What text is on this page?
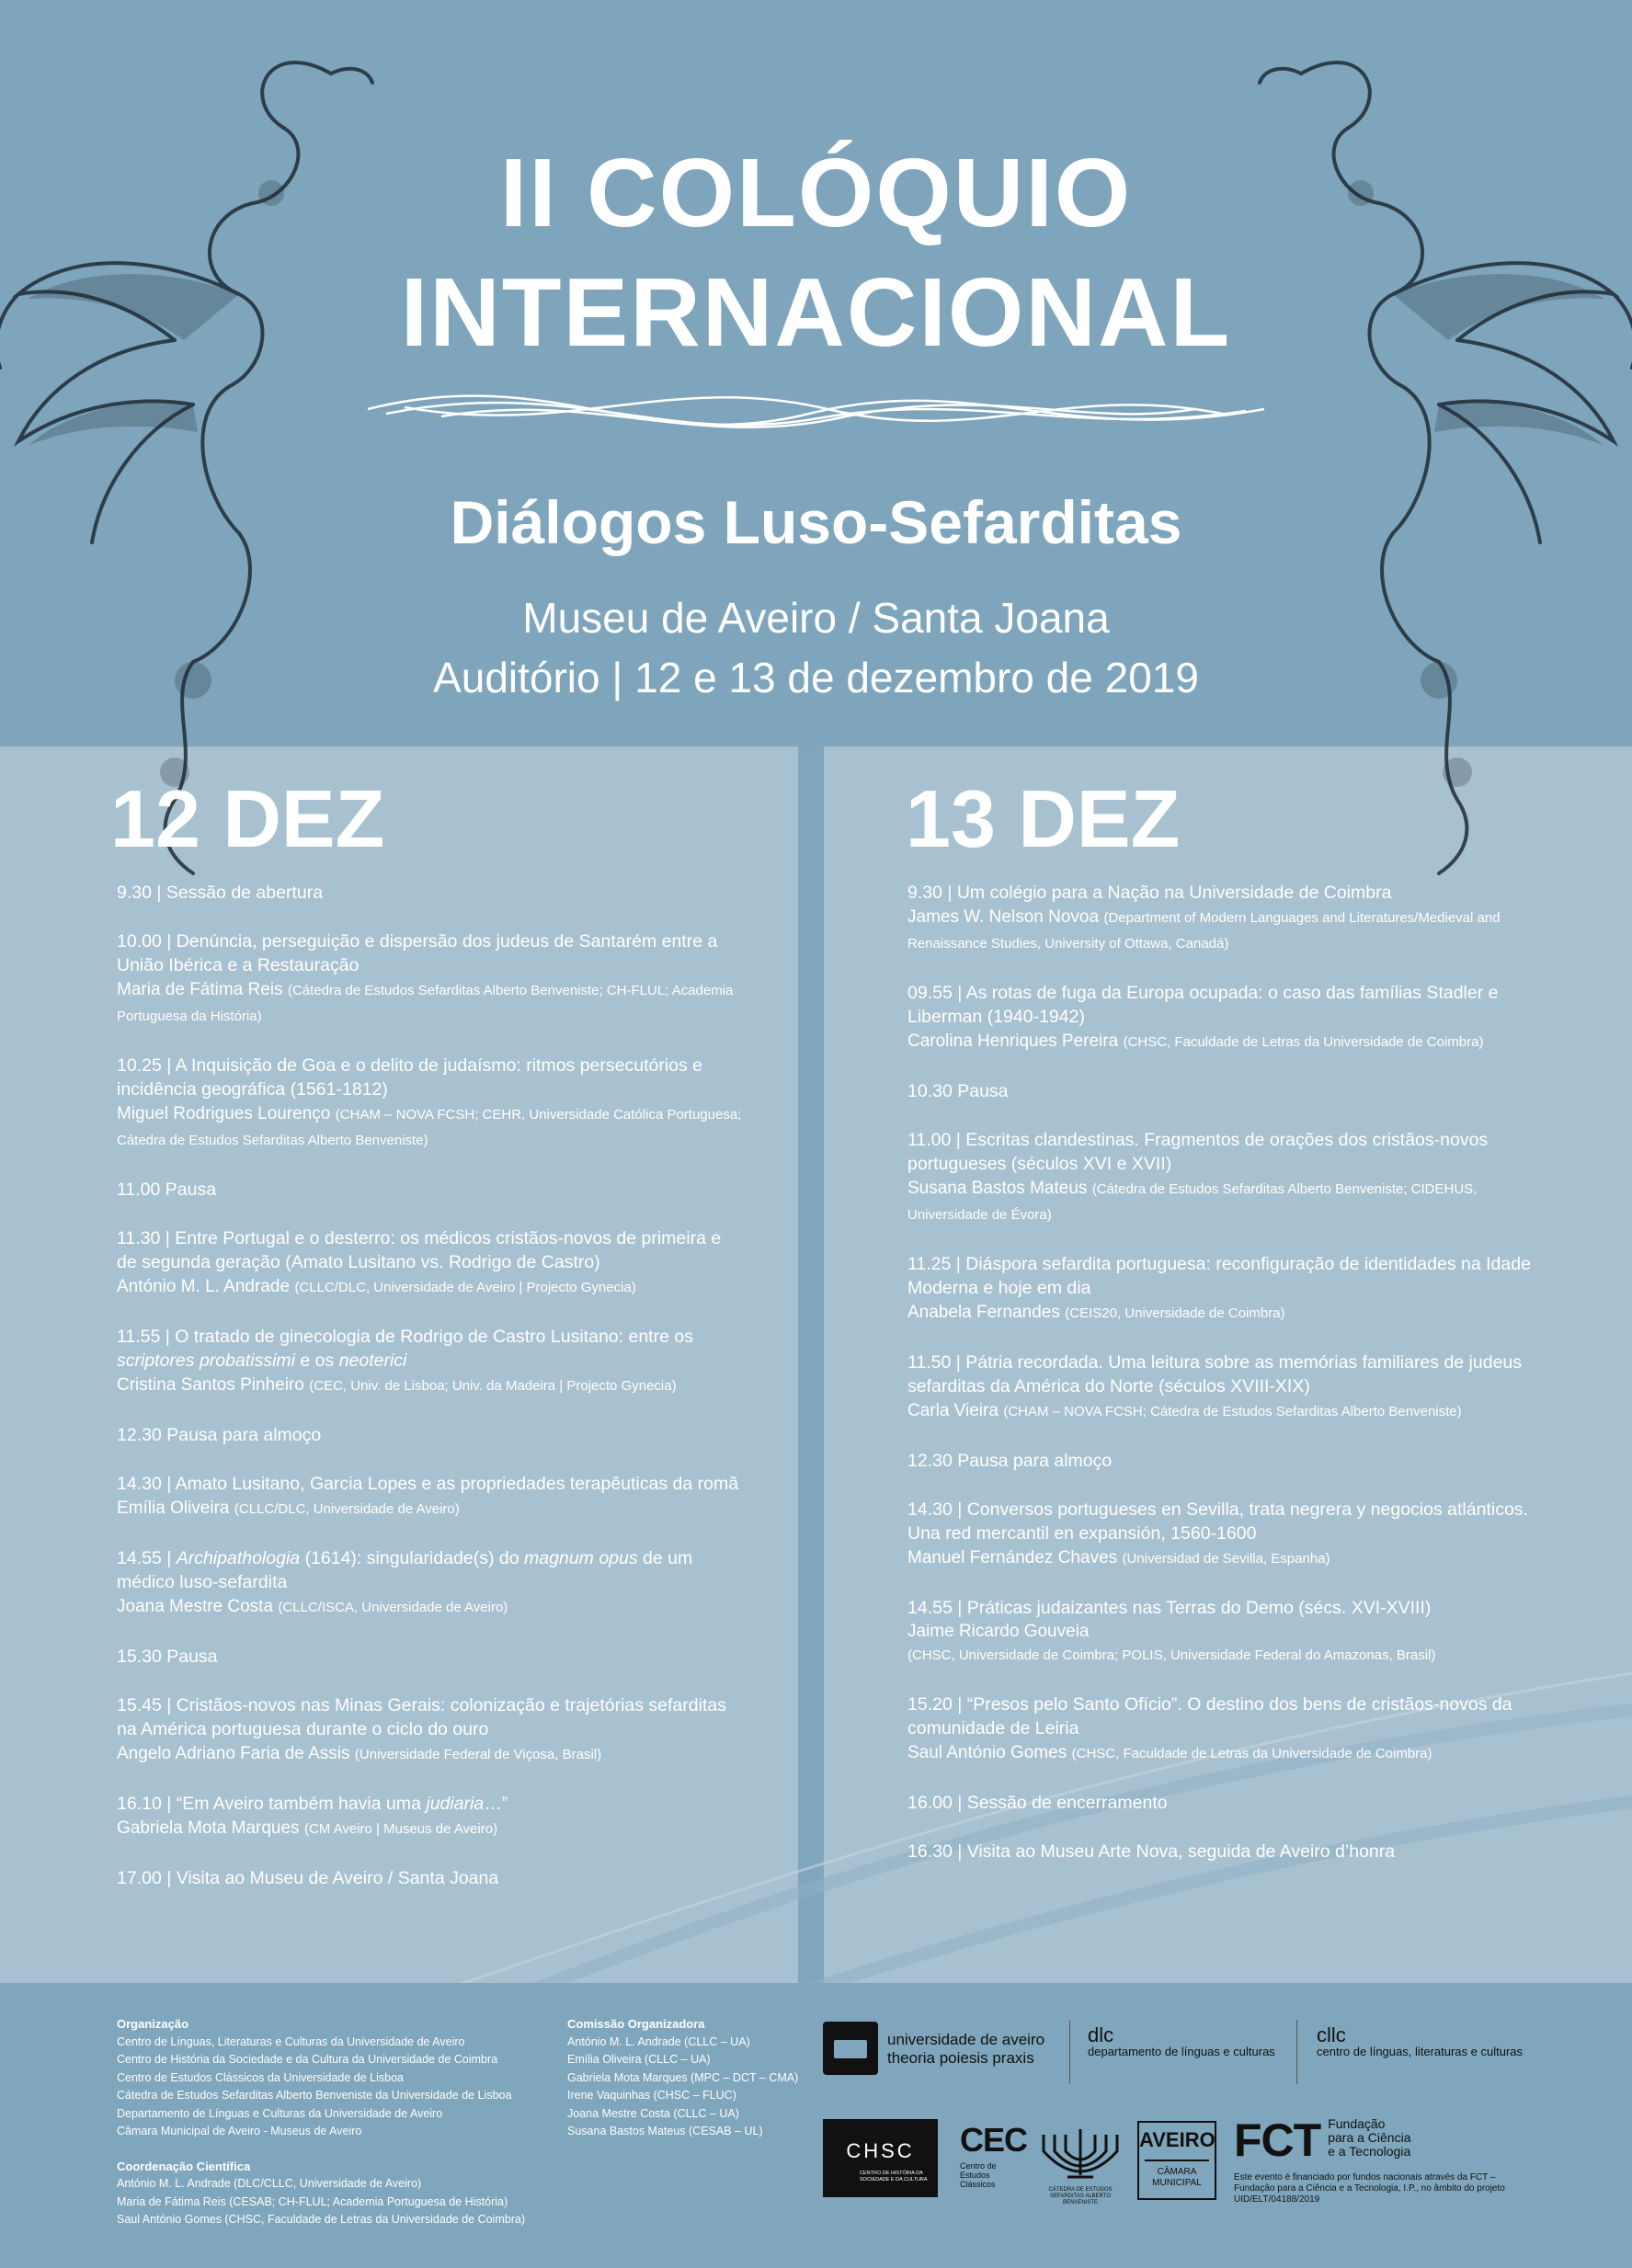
II COLÓQUIO
INTERNACIONAL
Diálogos Luso-Sefarditas
Museu de Aveiro / Santa Joana
Auditório | 12 e 13 de dezembro de 2019
12 DEZ	13 DEZ
9.30 | Sessão de abertura
10.00 | Denúncia, perseguição e dispersão dos judeus de Santarém entre a União Ibérica e a Restauração
Maria de Fátima Reis (Cátedra de Estudos Sefarditas Alberto Benveniste; CH-FLUL; Academia Portuguesa da História)
10.25 | A Inquisição de Goa e o delito de judaísmo: ritmos persecutórios e incidência geográfica (1561-1812)
Miguel Rodrigues Lourenço (CHAM – NOVA FCSH; CEHR, Universidade Católica Portuguesa; Cátedra de Estudos Sefarditas Alberto Benveniste)
11.00 Pausa
11.30 | Entre Portugal e o desterro: os médicos cristãos-novos de primeira e de segunda geração (Amato Lusitano vs. Rodrigo de Castro)
António M. L. Andrade (CLLC/DLC, Universidade de Aveiro | Projecto Gynecia)
11.55 | O tratado de ginecologia de Rodrigo de Castro Lusitano: entre os scriptores probatissimi e os neoterici
Cristina Santos Pinheiro (CEC, Univ. de Lisboa; Univ. da Madeira | Projecto Gynecia)
12.30 Pausa para almoço
14.30 | Amato Lusitano, Garcia Lopes e as propriedades terapêuticas da romã
Emília Oliveira (CLLC/DLC, Universidade de Aveiro)
14.55 | Archipathologia (1614): singularidade(s) do magnum opus de um médico luso-sefardita
Joana Mestre Costa (CLLC/ISCA, Universidade de Aveiro)
15.30 Pausa
15.45 | Cristãos-novos nas Minas Gerais: colonização e trajetórias sefarditas na América portuguesa durante o ciclo do ouro
Angelo Adriano Faria de Assis (Universidade Federal de Viçosa, Brasil)
16.10 | “Em Aveiro também havia uma judiaria…”
Gabriela Mota Marques (CM Aveiro | Museus de Aveiro)
17.00 | Visita ao Museu de Aveiro / Santa Joana
9.30 | Um colégio para a Nação na Universidade de Coimbra
James W. Nelson Novoa (Department of Modern Languages and Literatures/Medieval and Renaissance Studies, University of Ottawa, Canadá)
09.55 | As rotas de fuga da Europa ocupada: o caso das famílias Stadler e Liberman (1940-1942)
Carolina Henriques Pereira (CHSC, Faculdade de Letras da Universidade de Coimbra)
10.30 Pausa
11.00 | Escritas clandestinas. Fragmentos de orações dos cristãos-novos portugueses (séculos XVI e XVII)
Susana Bastos Mateus (Cátedra de Estudos Sefarditas Alberto Benveniste; CIDEHUS, Universidade de Évora)
11.25 | Diáspora sefardita portuguesa: reconfiguração de identidades na Idade Moderna e hoje em dia
Anabela Fernandes (CEIS20, Universidade de Coimbra)
11.50 | Pátria recordada. Uma leitura sobre as memórias familiares de judeus sefarditas da América do Norte (séculos XVIII-XIX)
Carla Vieira (CHAM – NOVA FCSH; Cátedra de Estudos Sefarditas Alberto Benveniste)
12.30 Pausa para almoço
14.30 | Conversos portugueses en Sevilla, trata negrera y negocios atlánticos. Una red mercantil en expansión, 1560-1600
Manuel Fernández Chaves (Universidad de Sevilla, Espanha)
14.55 | Práticas judaizantes nas Terras do Demo (sécs. XVI-XVIII)
Jaime Ricardo Gouveia
(CHSC, Universidade de Coimbra; POLIS, Universidade Federal do Amazonas, Brasil)
15.20 | “Presos pelo Santo Ofício”. O destino dos bens de cristãos-novos da comunidade de Leiria
Saul António Gomes (CHSC, Faculdade de Letras da Universidade de Coimbra)
16.00 | Sessão de encerramento
16.30 | Visita ao Museu Arte Nova, seguida de Aveiro d’honra
Organização
Centro de Línguas, Literaturas e Culturas da Universidade de Aveiro
Centro de História da Sociedade e da Cultura da Universidade de Coimbra
Centro de Estudos Clássicos da Universidade de Lisboa
Cátedra de Estudos Sefarditas Alberto Benveniste da Universidade de Lisboa
Departamento de Línguas e Culturas da Universidade de Aveiro
Câmara Municipal de Aveiro - Museus de Aveiro
Coordenação Científica
António M. L. Andrade (DLC/CLLC, Universidade de Aveiro)
Maria de Fátima Reis (CESAB; CH-FLUL; Academia Portuguesa de História)
Saul António Gomes (CHSC, Faculdade de Letras da Universidade de Coimbra)
Comissão Organizadora
António M. L. Andrade (CLLC – UA)
Emília Oliveira (CLLC – UA)
Gabriela Mota Marques (MPC – DCT – CMA)
Irene Vaquinhas (CHSC – FLUC)
Joana Mestre Costa (CLLC – UA)
Susana Bastos Mateus (CESAB – UL)
universidade de aveiro
theoria poiesis praxis
dlc
departamento de línguas e culturas
cllc
centro de línguas, literaturas e culturas
CHSC
CENTRO DE HISTÓRIA DA SOCIEDADE E DA CULTURA
CEC
Centro de Estudos Clássicos
CÁTEDRA DE ESTUDOS SEFARDITAS ALBERTO BENVENISTE
AVEIRO
CÂMARA MUNICIPAL
FCT Fundação
para a Ciência
e a Tecnologia
Este evento é financiado por fundos nacionais através da FCT – Fundação para a Ciência e a Tecnologia, I.P., no âmbito do projeto UID/ELT/04188/2019
